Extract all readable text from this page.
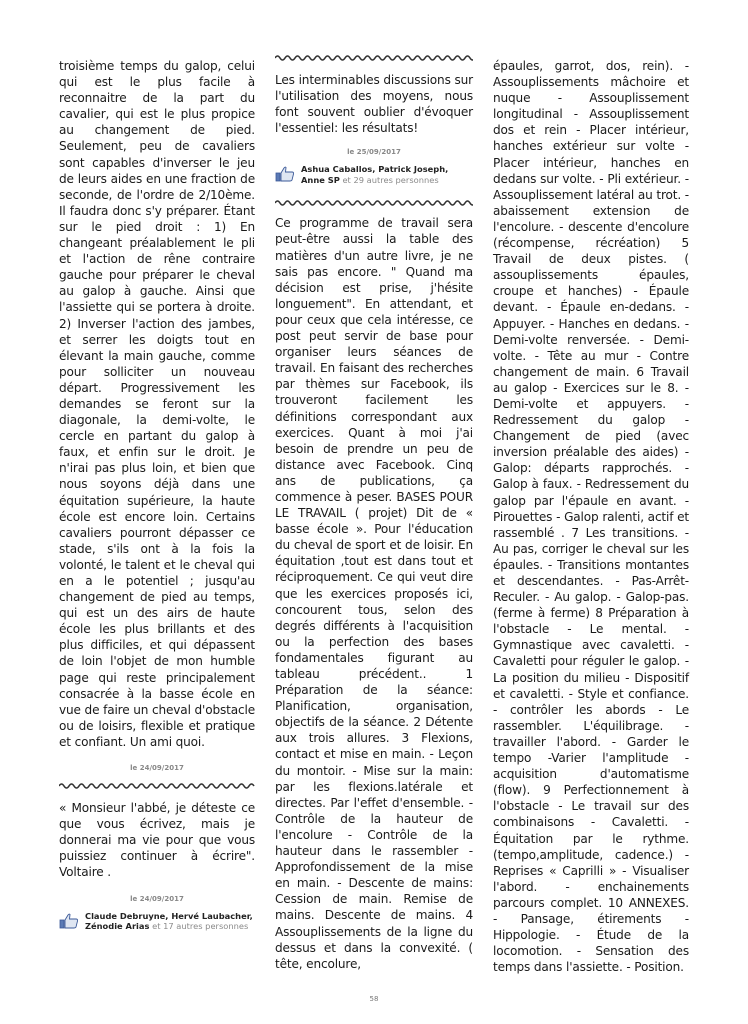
troisième temps du galop, celui qui est le plus facile à reconnaitre de la part du cavalier, qui est le plus propice au changement de pied. Seulement, peu de cavaliers sont capables d'inverser le jeu de leurs aides en une fraction de seconde, de l'ordre de 2/10ème. Il faudra donc s'y préparer. Étant sur le pied droit : 1) En changeant préalablement le pli et l'action de rêne contraire gauche pour préparer le cheval au galop à gauche. Ainsi que l'assiette qui se portera à droite. 2) Inverser l'action des jambes, et serrer les doigts tout en élevant la main gauche, comme pour solliciter un nouveau départ. Progressivement les demandes se feront sur la diagonale, la demi-volte, le cercle en partant du galop à faux, et enfin sur le droit. Je n'irai pas plus loin, et bien que nous soyons déjà dans une équitation supérieure, la haute école est encore loin. Certains cavaliers pourront dépasser ce stade, s'ils ont à la fois la volonté, le talent et le cheval qui en a le potentiel ; jusqu'au changement de pied au temps, qui est un des airs de haute école les plus brillants et des plus difficiles, et qui dépassent de loin l'objet de mon humble page qui reste principalement consacrée à la basse école en vue de faire un cheval d'obstacle ou de loisirs, flexible et pratique et confiant. Un ami quoi.

le 24/09/2017

« Monsieur l'abbé, je déteste ce que vous écrivez, mais je donnerai ma vie pour que vous puissiez continuer à écrire". Voltaire .

le 24/09/2017
Claude Debruyne, Hervé Laubacher, Zénodie Arias et 17 autres personnes

Les interminables discussions sur l'utilisation des moyens, nous font souvent oublier d'évoquer l'essentiel: les résultats!

le 25/09/2017
Ashua Caballos, Patrick Joseph, Anne SP et 29 autres personnes

Ce programme de travail sera peut-être aussi la table des matières d'un autre livre, je ne sais pas encore. " Quand ma décision est prise, j'hésite longuement". En attendant, et pour ceux que cela intéresse, ce post peut servir de base pour organiser leurs séances de travail. En faisant des recherches par thèmes sur Facebook, ils trouveront facilement les définitions correspondant aux exercices. Quant à moi j'ai besoin de prendre un peu de distance avec Facebook. Cinq ans de publications, ça commence à peser. BASES POUR LE TRAVAIL ( projet) Dit de « basse école ». Pour l'éducation du cheval de sport et de loisir. En équitation ,tout est dans tout et réciproquement. Ce qui veut dire que les exercices proposés ici, concourent tous, selon des degrés différents à l'acquisition ou la perfection des bases fondamentales figurant au tableau précédent.. 1 Préparation de la séance: Planification, organisation, objectifs de la séance. 2 Détente aux trois allures. 3 Flexions, contact et mise en main. - Leçon du montoir. - Mise sur la main: par les flexions.latérale et directes. Par l'effet d'ensemble. - Contrôle de la hauteur de l'encolure - Contrôle de la hauteur dans le rassembler - Approfondissement de la mise en main. - Descente de mains: Cession de main. Remise de mains. Descente de mains. 4 Assouplissements de la ligne du dessus et dans la convexité. ( tête, encolure,

épaules, garrot, dos, rein). - Assouplissements mâchoire et nuque - Assouplissement longitudinal - Assouplissement dos et rein - Placer intérieur, hanches extérieur sur volte - Placer intérieur, hanches en dedans sur volte. - Pli extérieur. - Assouplissement latéral au trot. - abaissement extension de l'encolure. - descente d'encolure (récompense, récréation) 5 Travail de deux pistes. ( assouplissements épaules, croupe et hanches) - Épaule devant. - Épaule en-dedans. - Appuyer. - Hanches en dedans. - Demi-volte renversée. - Demi-volte. - Tête au mur - Contre changement de main. 6 Travail au galop - Exercices sur le 8. - Demi-volte et appuyers. - Redressement du galop - Changement de pied (avec inversion préalable des aides) - Galop: départs rapprochés. - Galop à faux. - Redressement du galop par l'épaule en avant. - Pirouettes - Galop ralenti, actif et rassemblé . 7 Les transitions. - Au pas, corriger le cheval sur les épaules. - Transitions montantes et descendantes. - Pas-Arrêt-Reculer. - Au galop. - Galop-pas. (ferme à ferme) 8 Préparation à l'obstacle - Le mental. - Gymnastique avec cavaletti. - Cavaletti pour réguler le galop. - La position du milieu - Dispositif et cavaletti. - Style et confiance. - contrôler les abords - Le rassembler. L'équilibrage. - travailler l'abord. - Garder le tempo -Varier l'amplitude - acquisition d'automatisme (flow). 9 Perfectionnement à l'obstacle - Le travail sur des combinaisons - Cavaletti. - Équitation par le rythme. (tempo,amplitude, cadence.) - Reprises « Caprilli » - Visualiser l'abord. - enchainements parcours complet. 10 ANNEXES. - Pansage, étirements - Hippologie. - Étude de la locomotion. - Sensation des temps dans l'assiette. - Position.

58
